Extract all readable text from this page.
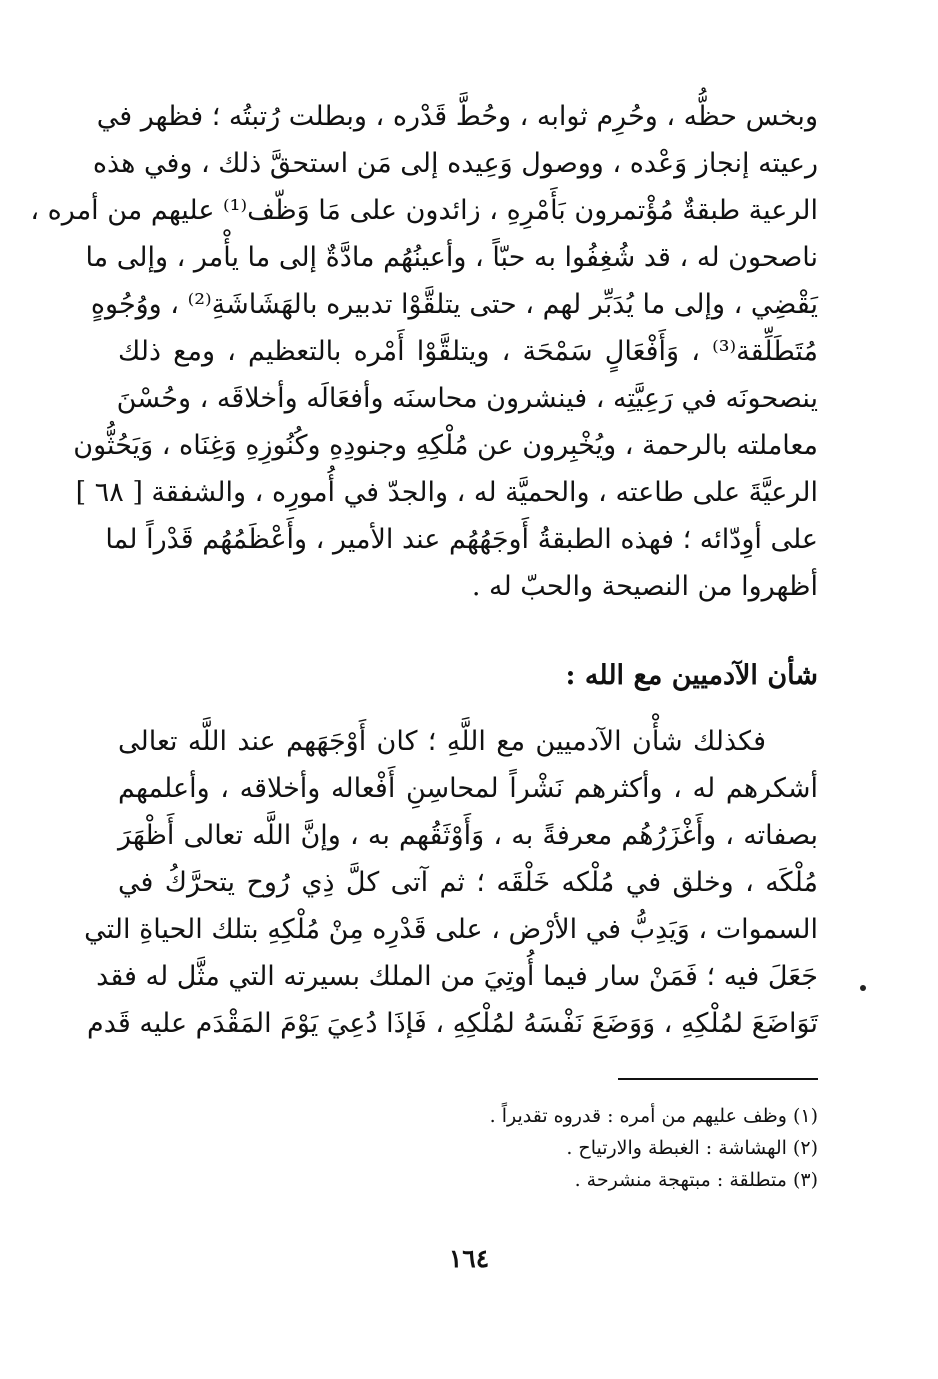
وبخس حظُّه ، وحُرِم ثوابه ، وحُطَّ قَدْره ، وبطلت رُتبتُه ؛ فظهر في
رعيته إنجاز وَعْده ، ووصول وَعِيده إلى مَن استحقَّ ذلك ، وفي هذه
الرعية طبقةٌ مُؤْتمرون بَأَمْرِهِ ، زائدون على مَا وَظّف⁽¹⁾ عليهم من أمره ،
ناصحون له ، قد شُغِفُوا به حبّاً ، وأعينُهُم مادَّةٌ إلى ما يأْمر ، وإلى ما
يَقْضِي ، وإلى ما يُدَبِّر لهم ، حتى يتلقَّوْا تدبيره بالهَشَاشَةِ⁽²⁾ ، ووُجُوهٍ
مُتَطَلِّقة⁽³⁾ ، وَأَفْعَالٍ سَمْحَة ، ويتلقَّوْا أَمْره بالتعظيم ، ومع ذلك
ينصحونَه في رَعِيَّتِه ، فينشرون محاسنَه وأفعَالَه وأخلاقَه ، وحُسْنَ
معاملته بالرحمة ، ويُخْبِرون عن مُلْكِهِ وجنودِهِ وكُنُوزِهِ وَغِنَاه ، وَيَحُثُّون
الرعيَّةَ على طاعته ، والحميَّة له ، والجدّ في أُمورِه ، والشفقة [ ٦٨ ]
على أوِدّائه ؛ فهذه الطبقةُ أَوجَهُهُم عند الأمير ، وأَعْظَمُهُم قَدْراً لما
أظهروا من النصيحة والحبّ له .
شأن الآدميين مع الله :
فكذلك شأْن الآدميين مع اللَّهِ ؛ كان أَوْجَهَهم عند اللَّه تعالى
أشكرهم له ، وأكثرهم نَشْراً لمحاسِنِ أَفْعاله وأخلاقه ، وأعلمهم
بصفاته ، وأَغْزَرُهُم معرفةً به ، وَأَوْثَقُهم به ، وإنَّ اللَّه تعالى أَظْهَرَ
مُلْكَه ، وخلق في مُلْكه خَلْقَه ؛ ثم آتى كلَّ ذِي رُوح يتحرَّكُ في
السموات ، وَيَدِبُّ في الأرْض ، على قَدْرِه مِنْ مُلْكِهِ بتلك الحياةِ التي
جَعَلَ فيه ؛ فَمَنْ سار فيما أُوتِيَ من الملك بسيرته التي مثَّل له فقد
تَوَاضَعَ لمُلْكِهِ ، وَوَضَعَ نَفْسَهُ لمُلْكِهِ ، فَإذَا دُعِيَ يَوْمَ المَقْدَم عليه قَدم
(١) وظف عليهم من أمره : قدروه تقديراً .
(٢) الهشاشة : الغبطة والارتياح .
(٣) متطلقة : مبتهجة منشرحة .
١٦٤
